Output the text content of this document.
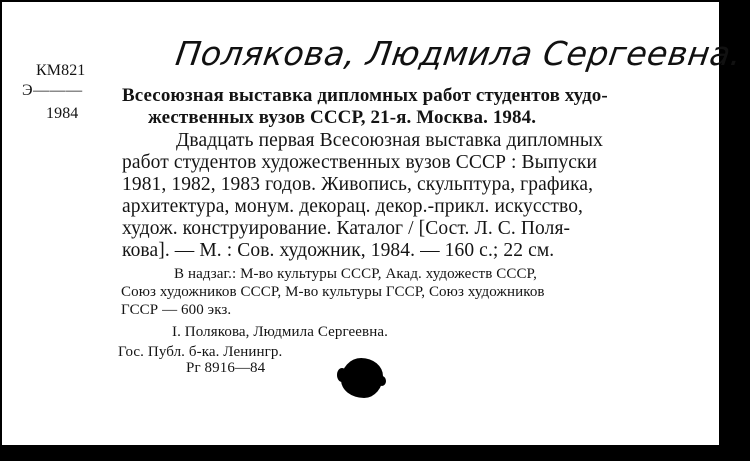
КМ821
Э———
1984
Полякова, Людмила Сергеевна.
Всесоюзная выставка дипломных работ студентов худо-
жественных вузов СССР, 21-я. Москва. 1984.
Двадцать первая Всесоюзная выставка дипломных
работ студентов художественных вузов СССР : Выпуски
1981, 1982, 1983 годов. Живопись, скульптура, графика,
архитектура, монум. декорац. декор.-прикл. искусство,
худож. конструирование. Каталог / [Сост. Л. С. Поля-
кова]. — М. : Сов. художник, 1984. — 160 с.; 22 см.
В надзаг.: М-во культуры СССР, Акад. художеств СССР,
Союз художников СССР, М-во культуры ГССР, Союз художников
ГССР — 600 экз.
I. Полякова, Людмила Сергеевна.
Гос. Публ. б-ка. Ленингр.
Рг 8916—84
